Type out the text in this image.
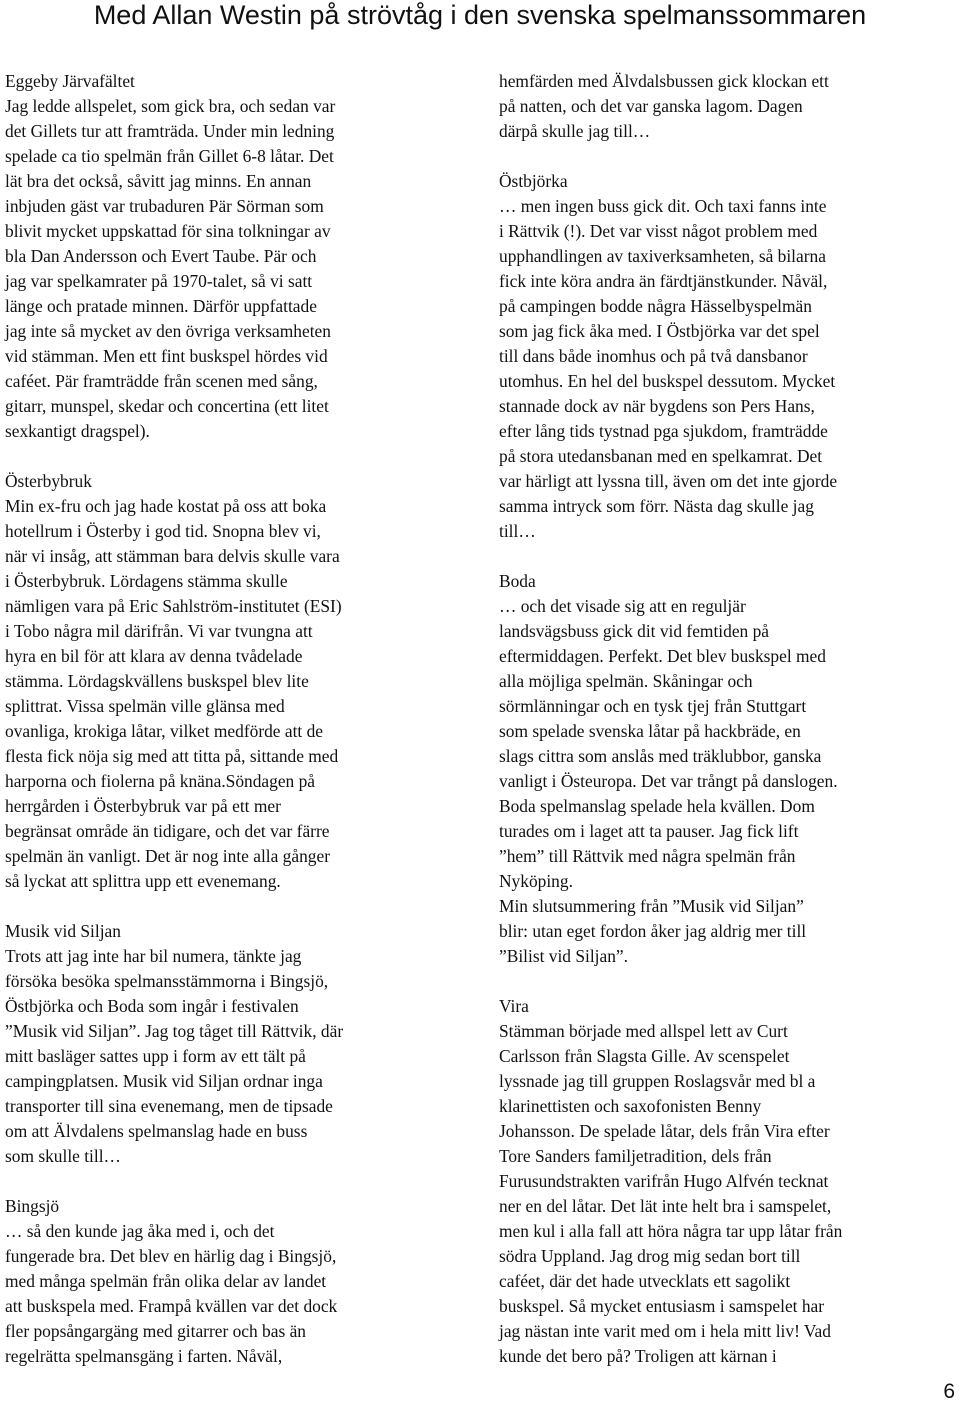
Med Allan Westin på strövtåg i den svenska spelmanssommaren
Eggeby Järvafältet
Jag ledde allspelet, som gick bra, och sedan var
det Gillets tur att framträda. Under min ledning
spelade ca tio spelmän från Gillet 6-8 låtar. Det
lät bra det också, såvitt jag minns. En annan
inbjuden gäst var trubaduren Pär Sörman som
blivit mycket uppskattad för sina tolkningar av
bla Dan Andersson och Evert Taube. Pär och
jag var spelkamrater på 1970-talet, så vi satt
länge och pratade minnen. Därför uppfattade
jag inte så mycket av den övriga verksamheten
vid stämman. Men ett fint buskspel hördes vid
caféet. Pär framträdde från scenen med sång,
gitarr, munspel, skedar och concertina (ett litet
sexkantigt dragspel).
Österbybruk
Min ex-fru och jag hade kostat på oss att boka
hotellrum i Österby i god tid. Snopna blev vi,
när vi insåg, att stämman bara delvis skulle vara
i Österbybruk. Lördagens stämma skulle
nämligen vara på Eric Sahlström-institutet (ESI)
i Tobo några mil därifrån. Vi var tvungna att
hyra en bil för att klara av denna tvådelade
stämma. Lördagskvällens buskspel blev lite
splittrat. Vissa spelmän ville glänsa med
ovanliga, krokiga låtar, vilket medförde att de
flesta fick nöja sig med att titta på, sittande med
harporna och fiolerna på knäna.Söndagen på
herrgården i Österbybruk var på ett mer
begränsat område än tidigare, och det var färre
spelmän än vanligt. Det är nog inte alla gånger
så lyckat att splittra upp ett evenemang.
Musik vid Siljan
Trots att jag inte har bil numera, tänkte jag
försöka besöka spelmansstämmorna i Bingsjö,
Östbjörka och Boda som ingår i festivalen
”Musik vid Siljan”. Jag tog tåget till Rättvik, där
mitt basläger sattes upp i form av ett tält på
campingplatsen. Musik vid Siljan ordnar inga
transporter till sina evenemang, men de tipsade
om att Älvdalens spelmanslag hade en buss
som skulle till…
Bingsjö
… så den kunde jag åka med i, och det
fungerade bra. Det blev en härlig dag i Bingsjö,
med många spelmän från olika delar av landet
att buskspela med. Frampå kvällen var det dock
fler popsångargäng med gitarrer och bas än
regelrätta spelmansgäng i farten. Nåväl,
hemfärden med Älvdalsbussen gick klockan ett
på natten, och det var ganska lagom. Dagen
därpå skulle jag till…
Östbjörka
… men ingen buss gick dit. Och taxi fanns inte
i Rättvik (!). Det var visst något problem med
upphandlingen av taxiverksamheten, så bilarna
fick inte köra andra än färdtjänstkunder. Nåväl,
på campingen bodde några Hässelbyspelmän
som jag fick åka med. I Östbjörka var det spel
till dans både inomhus och på två dansbanor
utomhus. En hel del buskspel dessutom. Mycket
stannade dock av när bygdens son Pers Hans,
efter lång tids tystnad pga sjukdom, framträdde
på stora utedansbanan med en spelkamrat. Det
var härligt att lyssna till, även om det inte gjorde
samma intryck som förr. Nästa dag skulle jag
till…
Boda
… och det visade sig att en reguljär
landsvägsbuss gick dit vid femtiden på
eftermiddagen. Perfekt. Det blev buskspel med
alla möjliga spelmän. Skåningar och
sörmlänningar och en tysk tjej från Stuttgart
som spelade svenska låtar på hackbräde, en
slags cittra som anslås med träklubbor, ganska
vanligt i Östeuropa. Det var trångt på danslogen.
Boda spelmanslag spelade hela kvällen. Dom
turades om i laget att ta pauser. Jag fick lift
”hem” till Rättvik med några spelmän från
Nyköping.
Min slutsummering från ”Musik vid Siljan”
blir: utan eget fordon åker jag aldrig mer till
”Bilist vid Siljan”.
Vira
Stämman började med allspel lett av Curt
Carlsson från Slagsta Gille. Av scenspelet
lyssnade jag till gruppen Roslagsvår med bl a
klarinettisten och saxofonisten Benny
Johansson. De spelade låtar, dels från Vira efter
Tore Sanders familjetradition, dels från
Furusundstrakten varifrån Hugo Alfvén tecknat
ner en del låtar. Det lät inte helt bra i samspelet,
men kul i alla fall att höra några tar upp låtar från
södra Uppland. Jag drog mig sedan bort till
caféet, där det hade utvecklats ett sagolikt
buskspel. Så mycket entusiasm i samspelet har
jag nästan inte varit med om i hela mitt liv! Vad
kunde det bero på? Troligen att kärnan i
6
